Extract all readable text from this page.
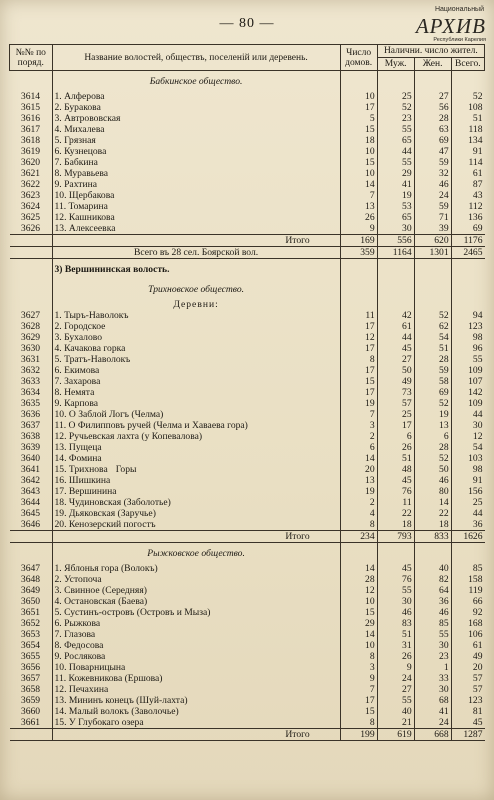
— 80 —
Национальный
АРХИВ
Республики Карелия
№№ по поряд.	Название волостей, обществъ, поселеній или деревень.	Число домов.	Налични. число жител.		
			Муж.	Жен.	Всего.
	Бабкинское общество.				
3614	1. Алферова	10	25	27	52
3615	2. Буракова	17	52	56	108
3616	3. Автрововская	5	23	28	51
3617	4. Михалева	15	55	63	118
3618	5. Грязная	18	65	69	134
3619	6. Кузнецова	10	44	47	91
3620	7. Бабкина	15	55	59	114
3621	8. Муравьева	10	29	32	61
3622	9. Рахтина	14	41	46	87
3623	10. Щербакова	7	19	24	43
3624	11. Томарина	13	53	59	112
3625	12. Кашникова	26	65	71	136
3626	13. Алексеевка	9	30	39	69
	Итого	169	556	620	1176
	Всего въ 28 сел. Боярской вол.	359	1164	1301	2465
	3) Вершининская волость.				
	Трихновское общество.				
	Деревни:				
3627	1. Тыръ-Наволокъ	11	42	52	94
3628	2. Городское	17	61	62	123
3629	3. Бухалово	12	44	54	98
3630	4. Качакова горка	17	45	51	96
3631	5. Тратъ-Наволокъ	8	27	28	55
3632	6. Екимова	17	50	59	109
3633	7. Захарова	15	49	58	107
3634	8. Немята	17	73	69	142
3635	9. Карпова	19	57	52	109
3636	10. О Заблой Логъ (Челма)	7	25	19	44
3637	11. О Филипповъ ручей (Челма и Хаваева гора)	3	17	13	30
3638	12. Ручьевская лахта (у Копевалова)	2	6	6	12
3639	13. Пущеца	6	26	28	54
3640	14. Фомина	14	51	52	103
3641	15. Трихнова Горы	20	48	50	98
3642	16. Шишкина	13	45	46	91
3643	17. Вершинина	19	76	80	156
3644	18. Чудиновская (Заболотье)	2	11	14	25
3645	19. Дьяковская (Заручье)	4	22	22	44
3646	20. Кенозерский погостъ	8	18	18	36
	Итого	234	793	833	1626
	Рыжковское общество.				
3647	1. Яблонья гора (Волокъ)	14	45	40	85
3648	2. Устопоча	28	76	82	158
3649	3. Свинное (Середняя)	12	55	64	119
3650	4. Остановская (Баева)	10	30	36	66
3651	5. Сустинъ-островъ (Островъ и Мыза)	15	46	46	92
3652	6. Рыжкова	29	83	85	168
3653	7. Глазова	14	51	55	106
3654	8. Федосова	10	31	30	61
3655	9. Рослякова	8	26	23	49
3656	10. Поварницына	3	9	1	20
3657	11. Кожевникова (Ершова)	9	24	33	57
3658	12. Печахина	7	27	30	57
3659	13. Мининъ конецъ (Шуй-лахта)	17	55	68	123
3660	14. Малый волокъ (Заволочье)	15	40	41	81
3661	15. У Глубокаго озера	8	21	24	45
	Итого	199	619	668	1287
